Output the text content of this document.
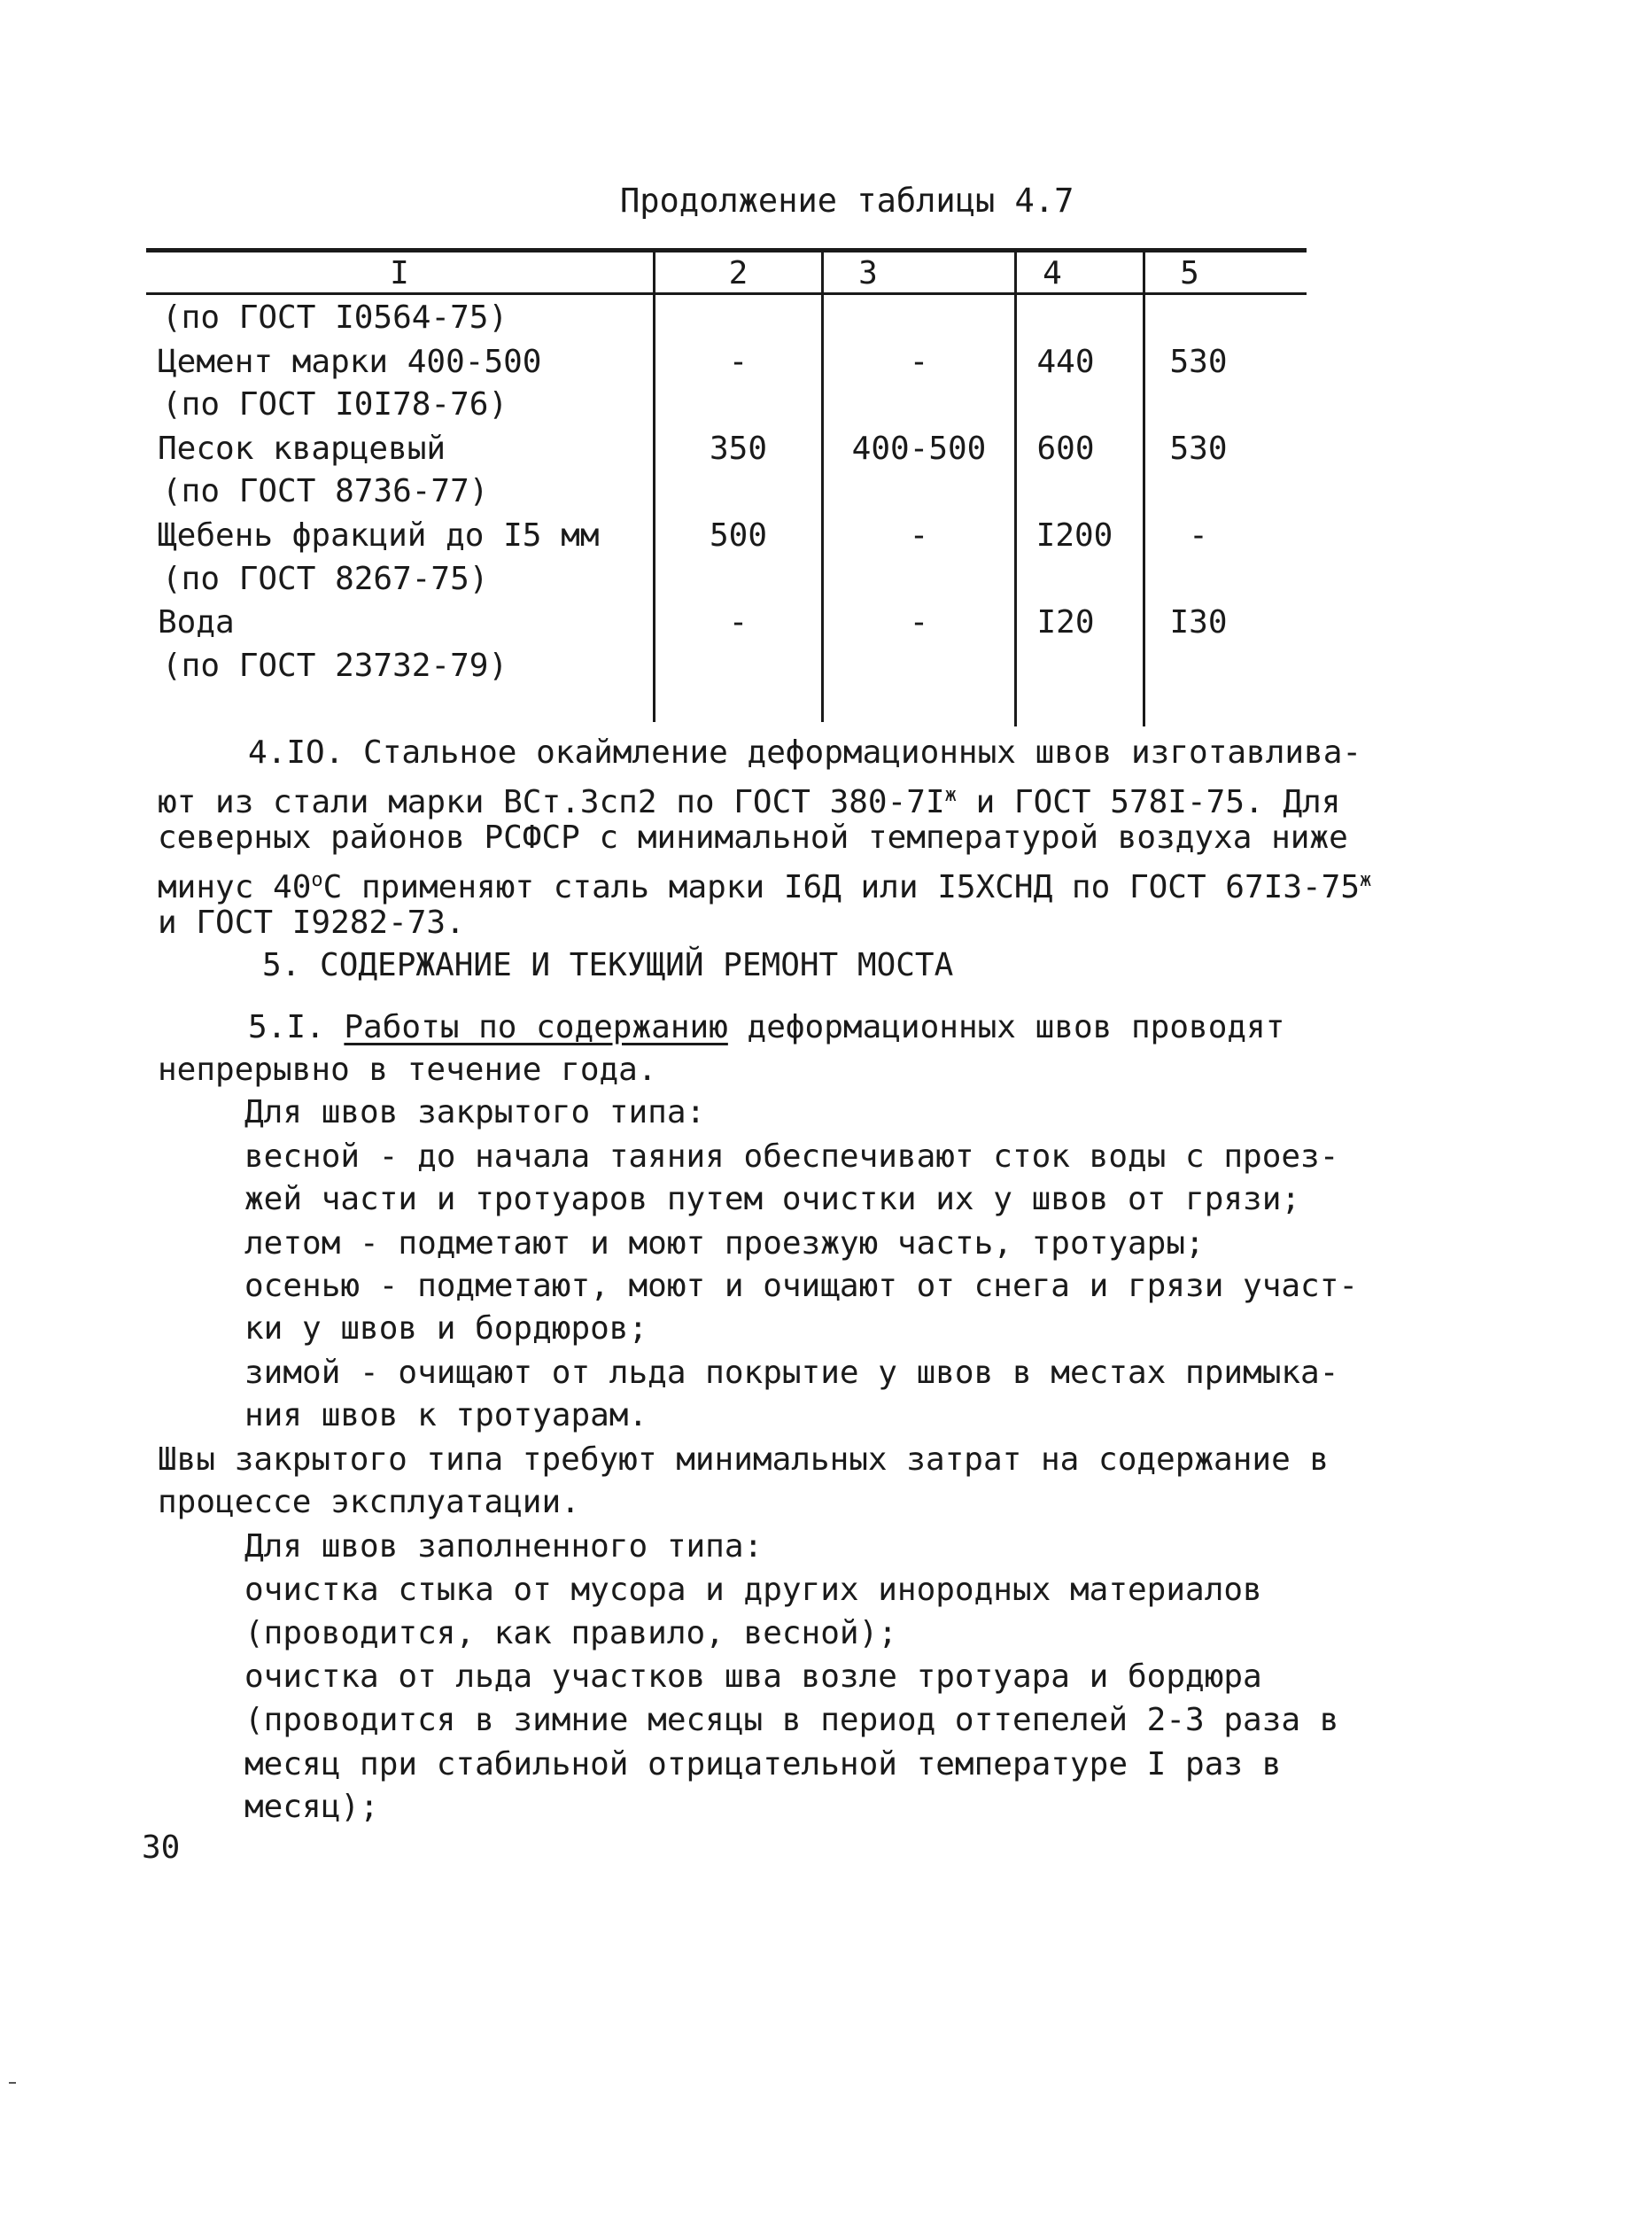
Продолжение таблицы 4.7
I	2	3	4	5
(по ГОСТ I0564-75)
Цемент марки 400-500	-	-	440	530
(по ГОСТ I0I78-76)
Песок кварцевый	350	400-500	600	530
(по ГОСТ 8736-77)
Щебень фракций до I5 мм	500	-	I200	-
(по ГОСТ 8267-75)
Вода	-	-	I20	I30
(по ГОСТ 23732-79)
4.IO. Стальное окаймление деформационных швов изготавлива-
ют из стали марки ВСт.3сп2 по ГОСТ $380-7I^ж$ и ГОСТ 578I-75. Для
северных районов РСФСР с минимальной температурой воздуха ниже
минус $40^оС$ применяют сталь марки I6Д или I5ХСНД по ГОСТ $67I3-75^ж$
и ГОСТ I9282-73.
5. СОДЕРЖАНИЕ И ТЕКУЩИЙ РЕМОНТ МОСТА
5.I. Работы по содержанию деформационных швов проводят
непрерывно в течение года.
Для швов закрытого типа:
весной - до начала таяния обеспечивают сток воды с проез-
жей части и тротуаров путем очистки их у швов от грязи;
летом - подметают и моют проезжую часть, тротуары;
осенью - подметают, моют и очищают от снега и грязи участ-
ки у швов и бордюров;
зимой - очищают от льда покрытие у швов в местах примыка-
ния швов к тротуарам.
Швы закрытого типа требуют минимальных затрат на содержание в
процессе эксплуатации.
Для швов заполненного типа:
очистка стыка от мусора и других инородных материалов
(проводится, как правило, весной);
очистка от льда участков шва возле тротуара и бордюра
(проводится в зимние месяцы в период оттепелей 2-3 раза в
месяц при стабильной отрицательной температуре I раз в
месяц);
30
